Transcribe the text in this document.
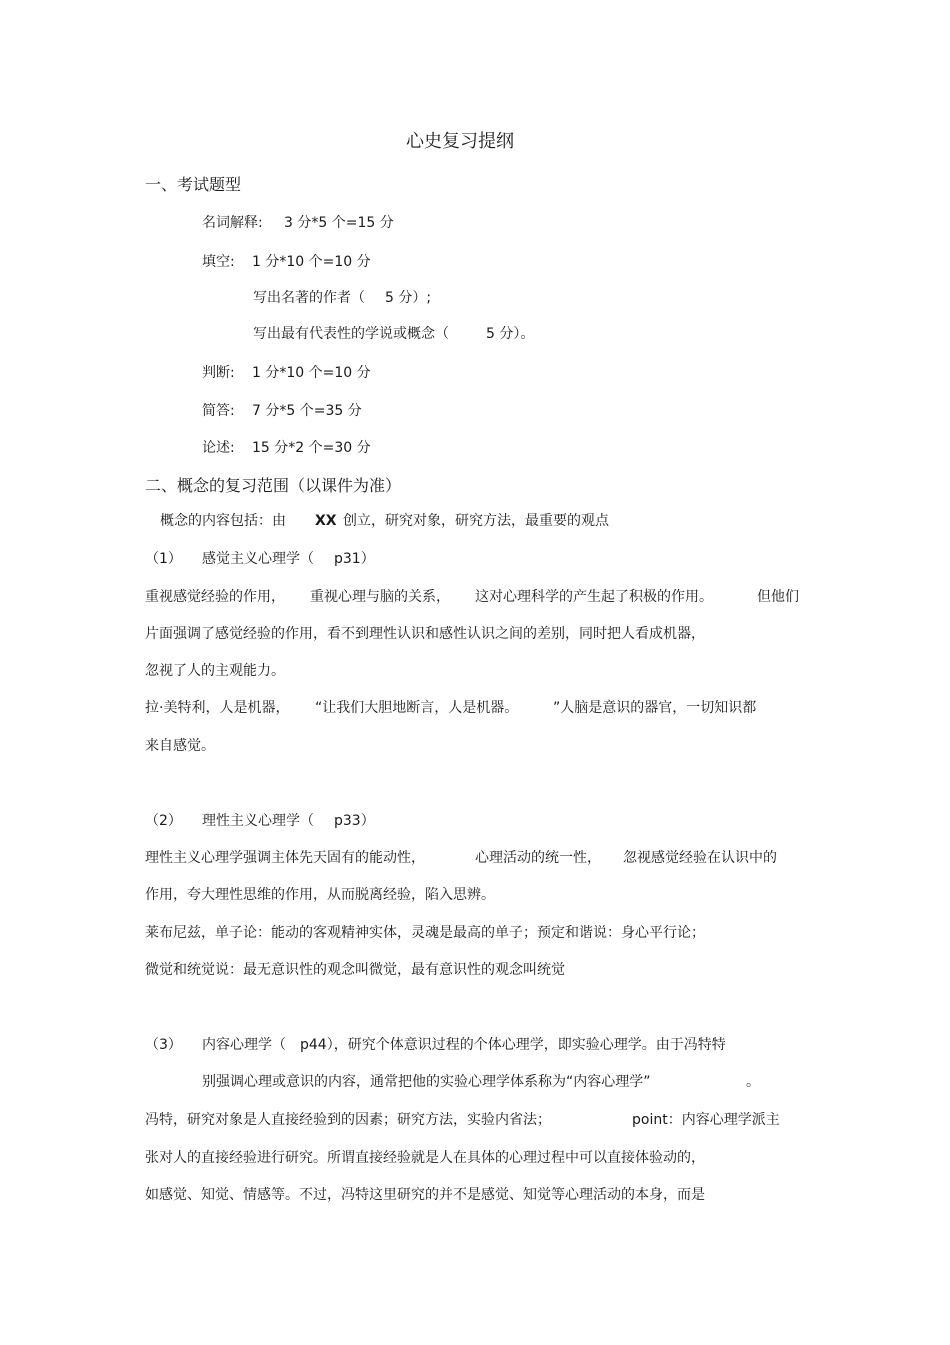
心史复习提纲
一、考试题型
名词解释: 3 分*5 个=15 分
填空: 1 分*10 个=10 分
写出名著的作者（ 5 分）;
写出最有代表性的学说或概念（	5 分）。
判断: 1 分*10 个=10 分
简答: 7 分*5 个=35 分
论述: 15 分*2 个=30 分
二、概念的复习范围（以课件为准）
概念的内容包括：由 XX 创立，研究对象，研究方法，最重要的观点
（1） 感觉主义心理学（ p31）
重视感觉经验的作用， 重视心理与脑的关系， 这对心理科学的产生起了积极的作用。	但他们
片面强调了感觉经验的作用，看不到理性认识和感性认识之间的差别，同时把人看成机器，
忽视了人的主观能力。
拉·美特利，人是机器， “让我们大胆地断言，人是机器。 ”人脑是意识的器官，一切知识都
来自感觉。
（2） 理性主义心理学（ p33）
理性主义心理学强调主体先天固有的能动性，	心理活动的统一性， 忽视感觉经验在认识中的
作用，夸大理性思维的作用，从而脱离经验，陷入思辨。
莱布尼兹，单子论：能动的客观精神实体，灵魂是最高的单子；预定和谐说：身心平行论；
微觉和统觉说：最无意识性的观念叫微觉，最有意识性的观念叫统觉
（3） 内容心理学（ p44），研究个体意识过程的个体心理学，即实验心理学。由于冯特特
别强调心理或意识的内容，通常把他的实验心理学体系称为“内容心理学”	。
冯特，研究对象是人直接经验到的因素；研究方法，实验内省法；	point：内容心理学派主
张对人的直接经验进行研究。所谓直接经验就是人在具体的心理过程中可以直接体验动的，
如感觉、知觉、情感等。不过，冯特这里研究的并不是感觉、知觉等心理活动的本身，而是
